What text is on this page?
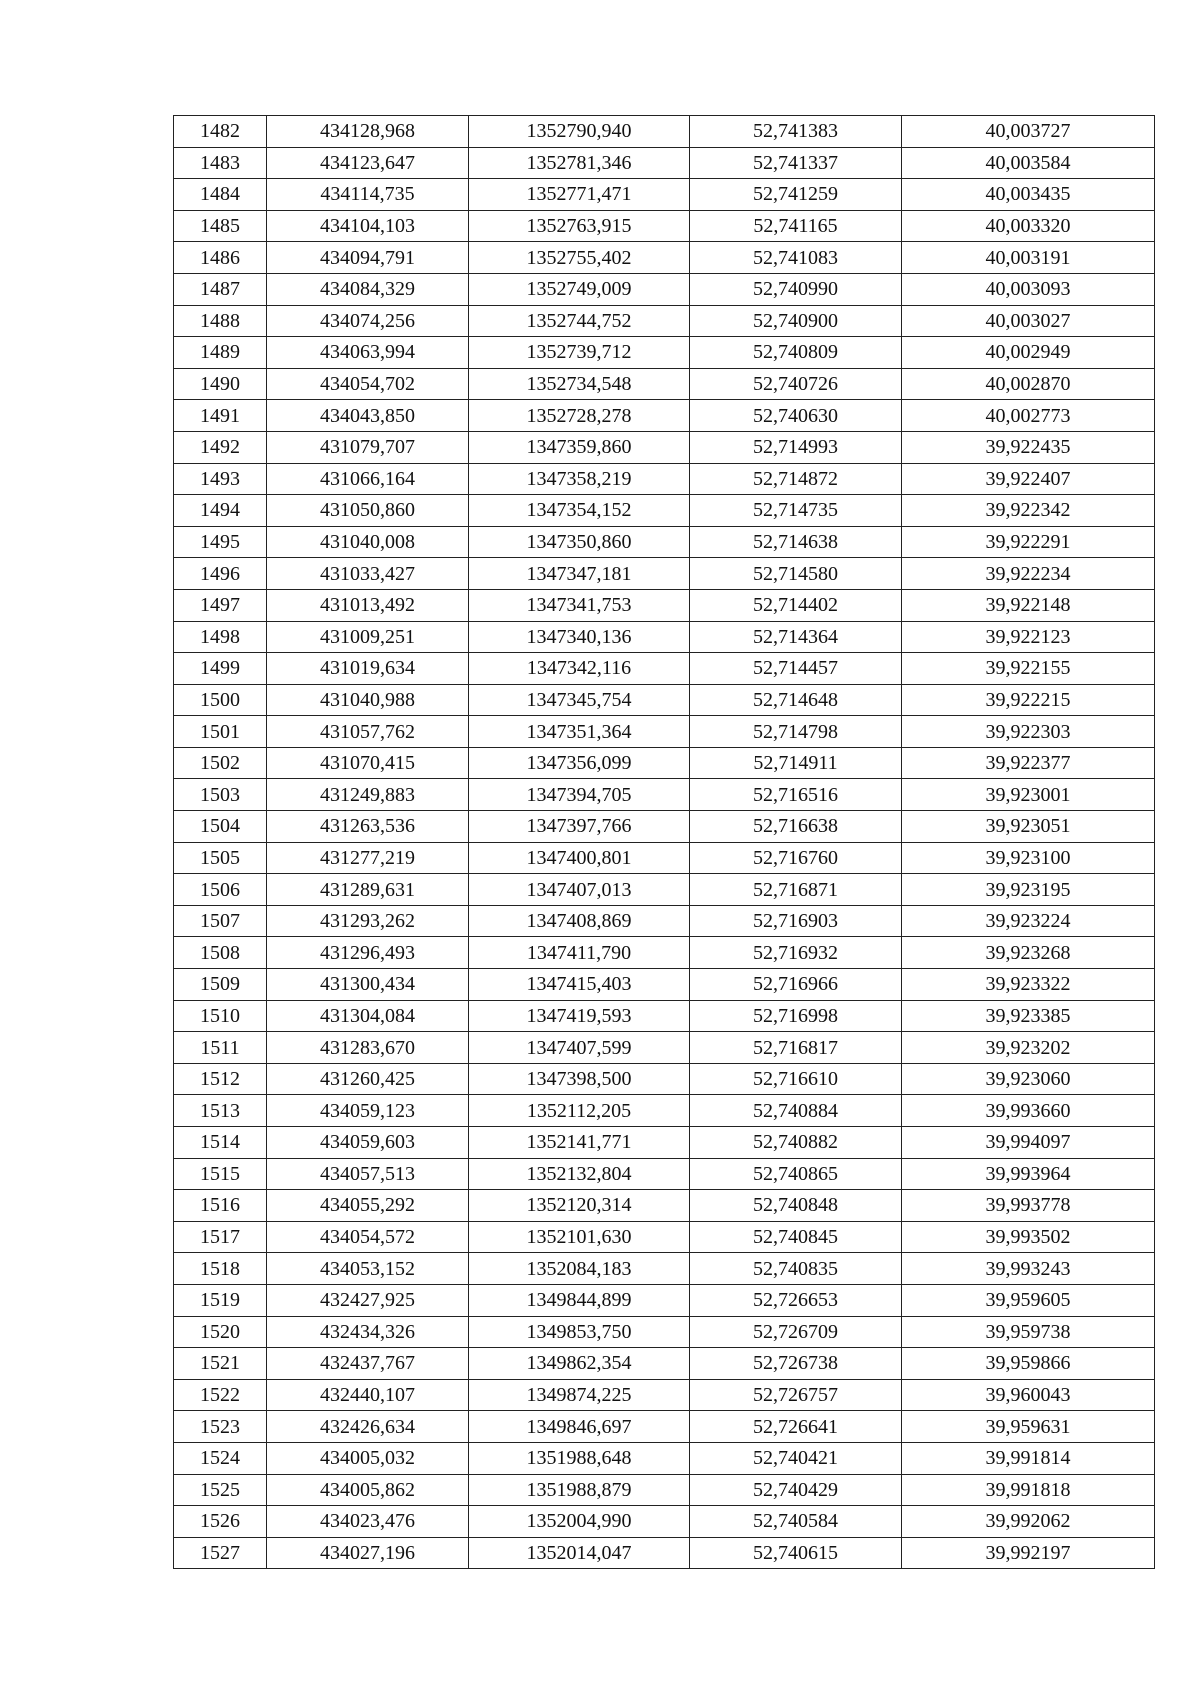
1482	434128,968	1352790,940	52,741383	40,003727
1483	434123,647	1352781,346	52,741337	40,003584
1484	434114,735	1352771,471	52,741259	40,003435
1485	434104,103	1352763,915	52,741165	40,003320
1486	434094,791	1352755,402	52,741083	40,003191
1487	434084,329	1352749,009	52,740990	40,003093
1488	434074,256	1352744,752	52,740900	40,003027
1489	434063,994	1352739,712	52,740809	40,002949
1490	434054,702	1352734,548	52,740726	40,002870
1491	434043,850	1352728,278	52,740630	40,002773
1492	431079,707	1347359,860	52,714993	39,922435
1493	431066,164	1347358,219	52,714872	39,922407
1494	431050,860	1347354,152	52,714735	39,922342
1495	431040,008	1347350,860	52,714638	39,922291
1496	431033,427	1347347,181	52,714580	39,922234
1497	431013,492	1347341,753	52,714402	39,922148
1498	431009,251	1347340,136	52,714364	39,922123
1499	431019,634	1347342,116	52,714457	39,922155
1500	431040,988	1347345,754	52,714648	39,922215
1501	431057,762	1347351,364	52,714798	39,922303
1502	431070,415	1347356,099	52,714911	39,922377
1503	431249,883	1347394,705	52,716516	39,923001
1504	431263,536	1347397,766	52,716638	39,923051
1505	431277,219	1347400,801	52,716760	39,923100
1506	431289,631	1347407,013	52,716871	39,923195
1507	431293,262	1347408,869	52,716903	39,923224
1508	431296,493	1347411,790	52,716932	39,923268
1509	431300,434	1347415,403	52,716966	39,923322
1510	431304,084	1347419,593	52,716998	39,923385
1511	431283,670	1347407,599	52,716817	39,923202
1512	431260,425	1347398,500	52,716610	39,923060
1513	434059,123	1352112,205	52,740884	39,993660
1514	434059,603	1352141,771	52,740882	39,994097
1515	434057,513	1352132,804	52,740865	39,993964
1516	434055,292	1352120,314	52,740848	39,993778
1517	434054,572	1352101,630	52,740845	39,993502
1518	434053,152	1352084,183	52,740835	39,993243
1519	432427,925	1349844,899	52,726653	39,959605
1520	432434,326	1349853,750	52,726709	39,959738
1521	432437,767	1349862,354	52,726738	39,959866
1522	432440,107	1349874,225	52,726757	39,960043
1523	432426,634	1349846,697	52,726641	39,959631
1524	434005,032	1351988,648	52,740421	39,991814
1525	434005,862	1351988,879	52,740429	39,991818
1526	434023,476	1352004,990	52,740584	39,992062
1527	434027,196	1352014,047	52,740615	39,992197
